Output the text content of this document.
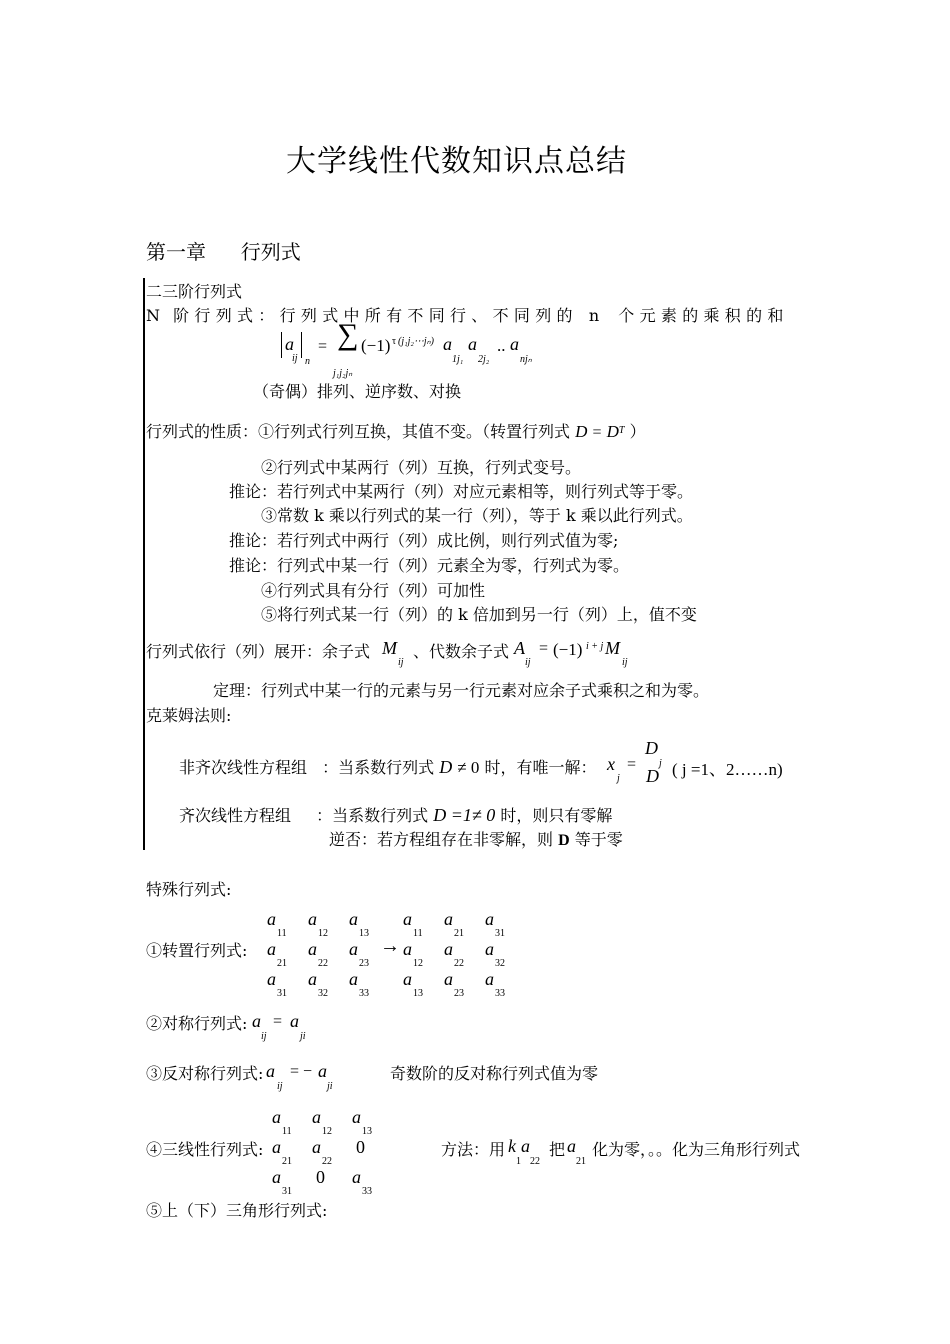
大学线性代数知识点总结
第一章 行列式
二三阶行列式
N 阶行列式：行列式中所有不同行、不同列的 n 个元素的乘积的和
a
ij n
= ∑ (−1) τ (j₁j₂⋯jₙ) a
1j₁
a
2j₂
.. a
njₙ
j₁j₂jₙ
（奇偶）排列、逆序数、对换
行列式的性质：①行列式行列互换，其值不变。（转置行列式 $D = D^T$ ）
②行列式中某两行（列）互换，行列式变号。
推论：若行列式中某两行（列）对应元素相等，则行列式等于零。
③常数 k 乘以行列式的某一行（列），等于 k 乘以此行列式。
推论：若行列式中两行（列）成比例，则行列式值为零;
推论：行列式中某一行（列）元素全为零，行列式为零。
④行列式具有分行（列）可加性
⑤将行列式某一行（列）的 k 倍加到另一行（列）上，值不变
行列式依行（列）展开：余子式 M
ij
、代数余子式 A
ij
= (−1) i + j M
ij
定理：行列式中某一行的元素与另一行元素对应余子式乘积之和为零。
克莱姆法则:
非齐次线性方程组 ：当系数行列式 D ≠ 0 时，有唯一解： x
j
=
D
j
D ( j =1、2……n)
齐次线性方程组 ：当系数行列式 D =1≠ 0 时，则只有零解
逆否：若方程组存在非零解，则 D 等于零
特殊行列式:
①转置行列式:
a
11
a
12
a
13
a
21
a
22
a
23
a
31
a
32
a
33
→
a
11
a
21
a
31
a
12
a
22
a
32
a
13
a
23
a
33
②对称行列式: a
ij
= a
ji
③反对称行列式: a
ij
= − a
ji
奇数阶的反对称行列式值为零
④三线性行列式:
a
11
a
12
a
13
a
21
a
22
0
a
31
0 a
33
方法：用 k
1
a
22
把 a
21
化为零，。。化为三角形行列式
⑤上（下）三角形行列式:
